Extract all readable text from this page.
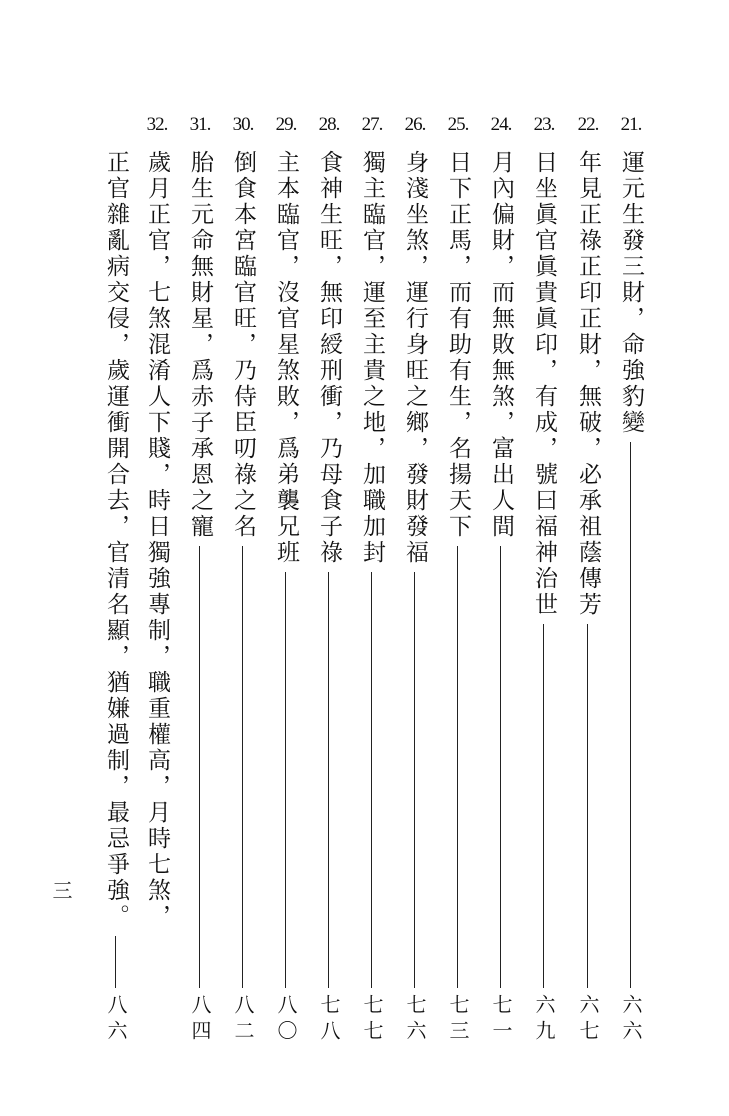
21.
運元生發三財，命強豹變
六六
22.
年見正祿正印正財，無破，必承祖蔭傳芳
六七
23.
日坐眞官眞貴眞印，有成，號曰福神治世
六九
24.
月內偏財，而無敗無煞，富出人間
七一
25.
日下正馬，而有助有生，名揚天下
七三
26.
身淺坐煞，運行身旺之鄉，發財發福
七六
27.
獨主臨官，運至主貴之地，加職加封
七七
28.
食神生旺，無印綬刑衝，乃母食子祿
七八
29.
主本臨官，沒官星煞敗，爲弟襲兄班
八〇
30.
倒食本宮臨官旺，乃侍臣叨祿之名
八二
31.
胎生元命無財星，爲赤子承恩之寵
八四
32.
歲月正官，七煞混淆人下賤，時日獨強專制，職重權高，月時七煞，
正官雜亂病交侵，歲運衝開合去，官清名顯，猶嫌過制，最忌爭強。
八六
三
